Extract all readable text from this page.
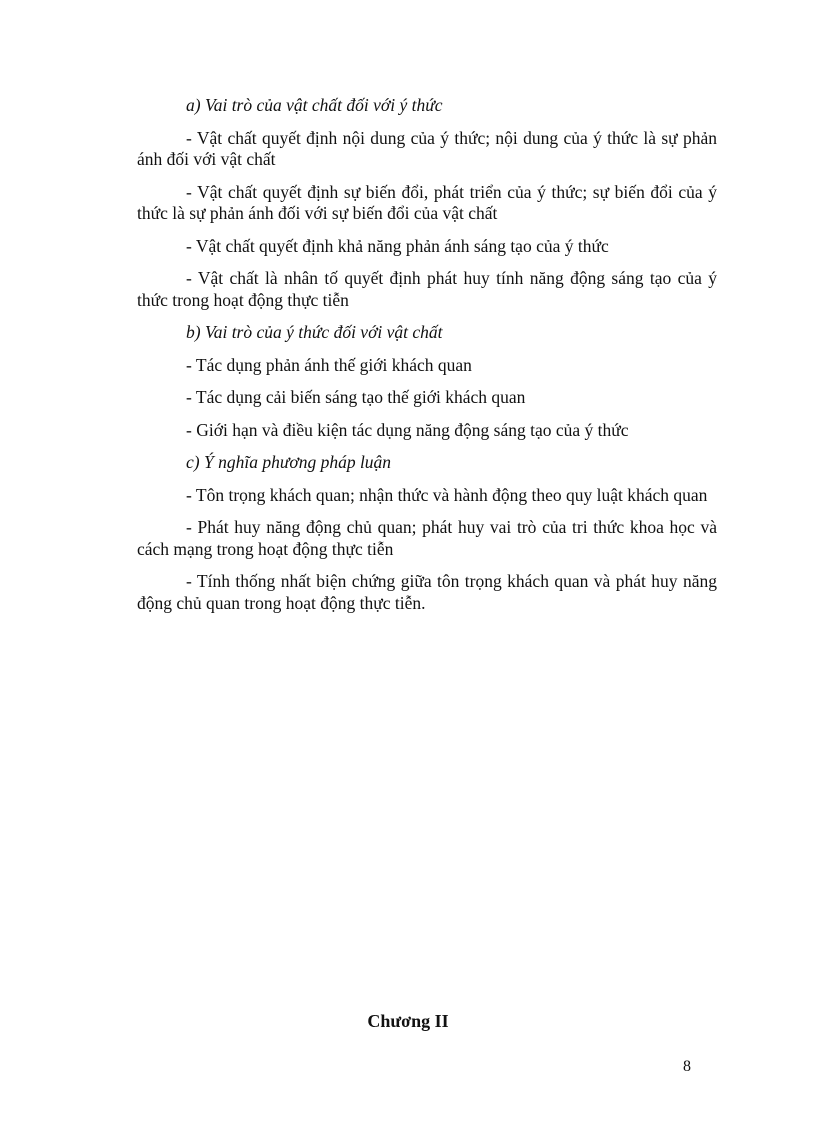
a) Vai trò của vật chất đối với ý thức

- Vật chất quyết định nội dung của ý thức; nội dung của ý thức là sự phản ánh đối với vật chất

- Vật chất quyết định sự biến đổi, phát triển của ý thức; sự biến đổi của ý thức là sự phản ánh đối với sự biến đổi của vật chất

- Vật chất quyết định khả năng phản ánh sáng tạo của ý thức

- Vật chất là nhân tố quyết định phát huy tính năng động sáng tạo của ý thức trong hoạt động thực tiễn

b) Vai trò của ý thức đối với vật chất

- Tác dụng phản ánh thế giới khách quan

- Tác dụng cải biến sáng tạo thế giới khách quan

- Giới hạn và điều kiện tác dụng năng động sáng tạo của ý thức

c) Ý nghĩa phương pháp luận

- Tôn trọng khách quan; nhận thức và hành động theo quy luật khách quan

- Phát huy năng động chủ quan; phát huy vai trò của tri thức khoa học và cách mạng trong hoạt động thực tiễn

- Tính thống nhất biện chứng giữa tôn trọng khách quan và phát huy năng động chủ quan trong hoạt động thực tiễn.

Chương II
8
